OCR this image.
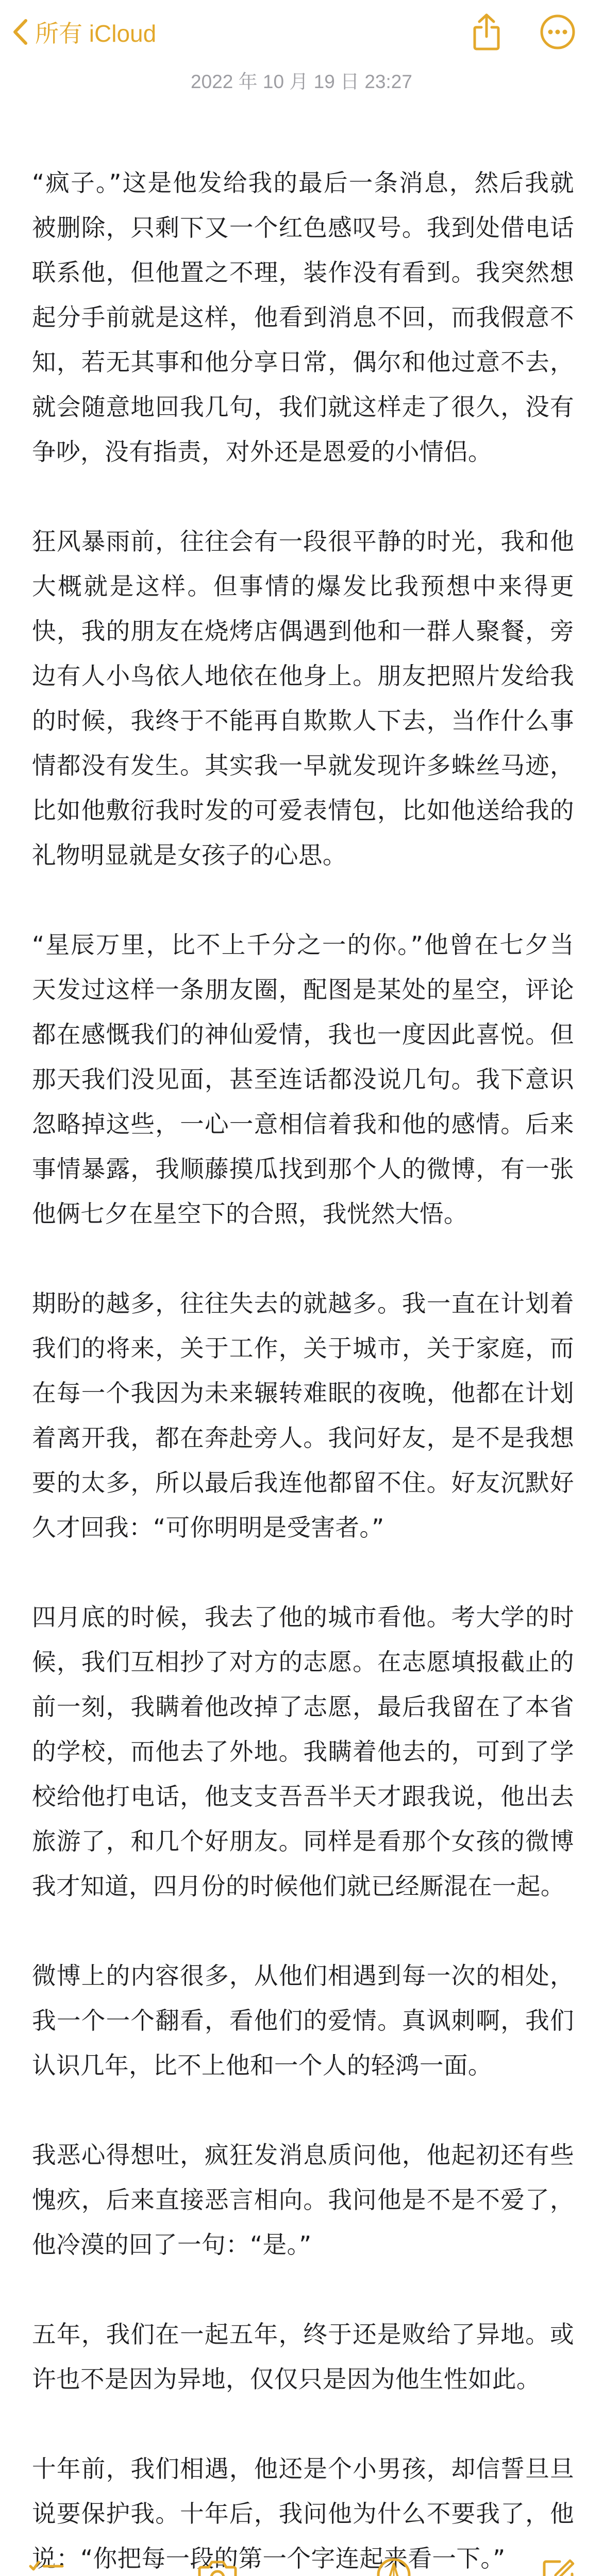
所有 iCloud
2022 年 10 月 19 日 23:27

“疯子。”这是他发给我的最后一条消息，然后我就被删除，只剩下又一个红色感叹号。我到处借电话联系他，但他置之不理，装作没有看到。我突然想起分手前就是这样，他看到消息不回，而我假意不知，若无其事和他分享日常，偶尔和他过意不去，就会随意地回我几句，我们就这样走了很久，没有争吵，没有指责，对外还是恩爱的小情侣。

狂风暴雨前，往往会有一段很平静的时光，我和他大概就是这样。但事情的爆发比我预想中来得更快，我的朋友在烧烤店偶遇到他和一群人聚餐，旁边有人小鸟依人地依在他身上。朋友把照片发给我的时候，我终于不能再自欺欺人下去，当作什么事情都没有发生。其实我一早就发现许多蛛丝马迹，比如他敷衍我时发的可爱表情包，比如他送给我的礼物明显就是女孩子的心思。

“星辰万里，比不上千分之一的你。”他曾在七夕当天发过这样一条朋友圈，配图是某处的星空，评论都在感慨我们的神仙爱情，我也一度因此喜悦。但那天我们没见面，甚至连话都没说几句。我下意识忽略掉这些，一心一意相信着我和他的感情。后来事情暴露，我顺藤摸瓜找到那个人的微博，有一张他俩七夕在星空下的合照，我恍然大悟。

期盼的越多，往往失去的就越多。我一直在计划着我们的将来，关于工作，关于城市，关于家庭，而在每一个我因为未来辗转难眠的夜晚，他都在计划着离开我，都在奔赴旁人。我问好友，是不是我想要的太多，所以最后我连他都留不住。好友沉默好久才回我：“可你明明是受害者。”

四月底的时候，我去了他的城市看他。考大学的时候，我们互相抄了对方的志愿。在志愿填报截止的前一刻，我瞒着他改掉了志愿，最后我留在了本省的学校，而他去了外地。我瞒着他去的，可到了学校给他打电话，他支支吾吾半天才跟我说，他出去旅游了，和几个好朋友。同样是看那个女孩的微博我才知道，四月份的时候他们就已经厮混在一起。

微博上的内容很多，从他们相遇到每一次的相处，我一个一个翻看，看他们的爱情。真讽刺啊，我们认识几年，比不上他和一个人的轻鸿一面。

我恶心得想吐，疯狂发消息质问他，他起初还有些愧疚，后来直接恶言相向。我问他是不是不爱了，他冷漠的回了一句：“是。”

五年，我们在一起五年，终于还是败给了异地。或许也不是因为异地，仅仅只是因为他生性如此。

十年前，我们相遇，他还是个小男孩，却信誓旦旦说要保护我。十年后，我问他为什么不要我了，他说：“你把每一段的第一个字连起来看一下。”
